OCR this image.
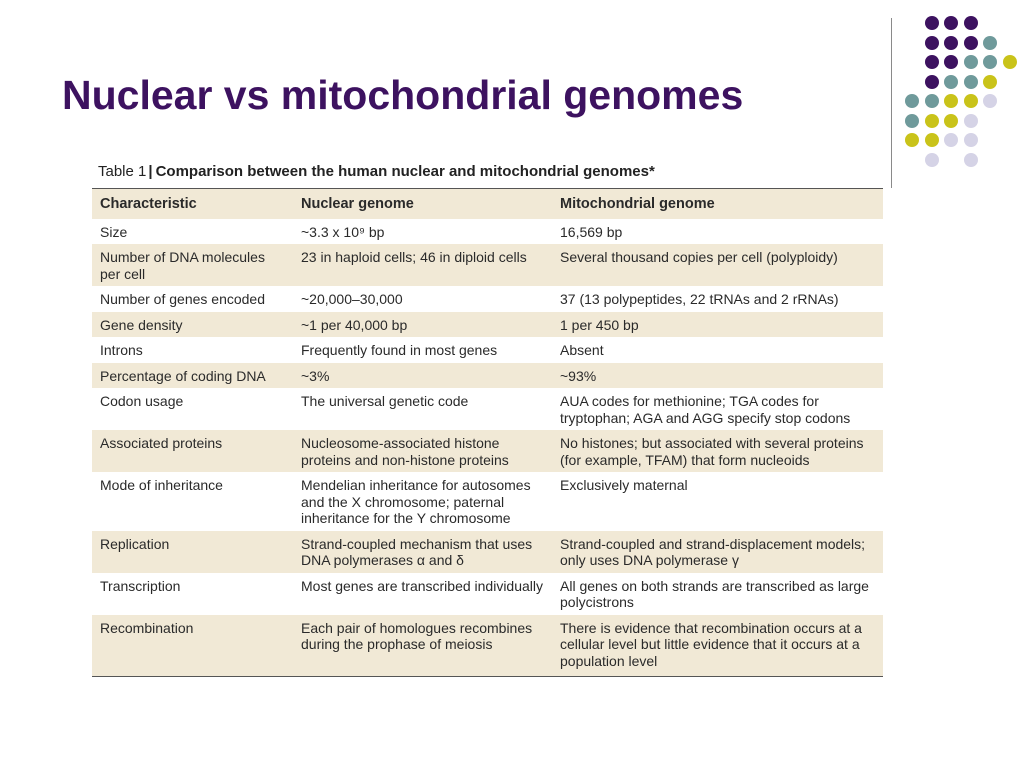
Nuclear vs mitochondrial genomes
Table 1 | Comparison between the human nuclear and mitochondrial genomes*
Characteristic	Nuclear genome	Mitochondrial genome
Size	~3.3 x 10⁹ bp	16,569 bp
Number of DNA molecules per cell	23 in haploid cells; 46 in diploid cells	Several thousand copies per cell (polyploidy)
Number of genes encoded	~20,000–30,000	37 (13 polypeptides, 22 tRNAs and 2 rRNAs)
Gene density	~1 per 40,000 bp	1 per 450 bp
Introns	Frequently found in most genes	Absent
Percentage of coding DNA	~3%	~93%
Codon usage	The universal genetic code	AUA codes for methionine; TGA codes for tryptophan; AGA and AGG specify stop codons
Associated proteins	Nucleosome-associated histone proteins and non-histone proteins	No histones; but associated with several proteins (for example, TFAM) that form nucleoids
Mode of inheritance	Mendelian inheritance for autosomes and the X chromosome; paternal inheritance for the Y chromosome	Exclusively maternal
Replication	Strand-coupled mechanism that uses DNA polymerases α and δ	Strand-coupled and strand-displacement models; only uses DNA polymerase γ
Transcription	Most genes are transcribed individually	All genes on both strands are transcribed as large polycistrons
Recombination	Each pair of homologues recombines during the prophase of meiosis	There is evidence that recombination occurs at a cellular level but little evidence that it occurs at a population level
